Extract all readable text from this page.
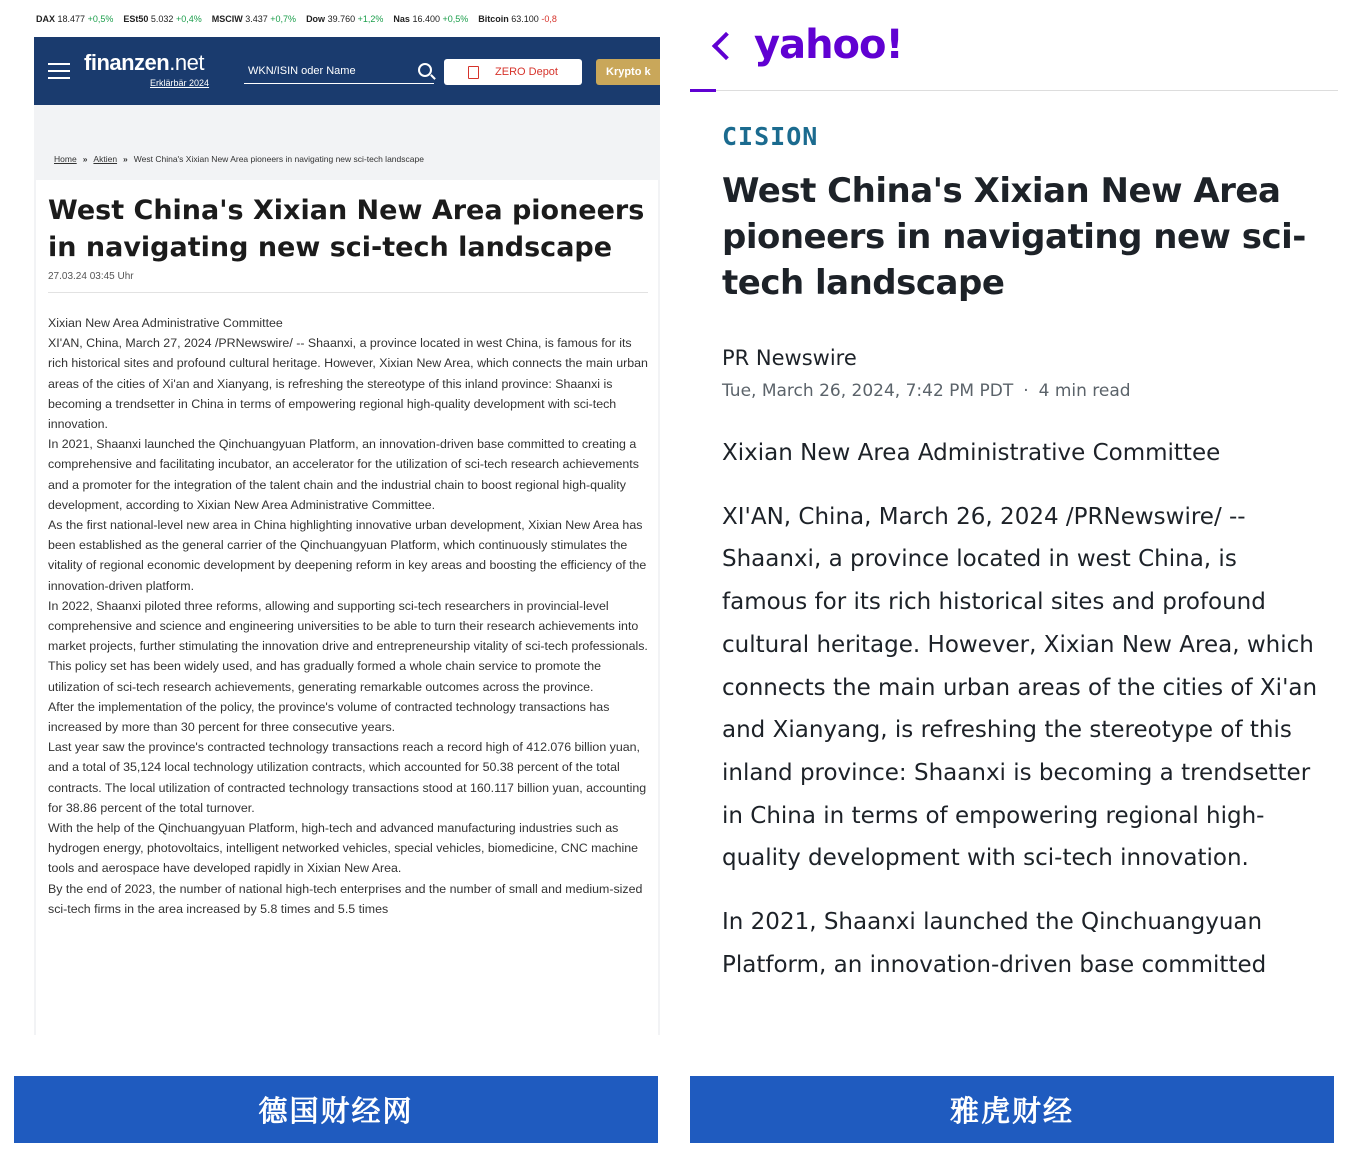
DAX 18.477 +0,5% ESt50 5.032 +0,4% MSCIW 3.437 +0,7% Dow 39.760 +1,2% Nas 16.400 +0,5% Bitcoin 63.100 -0,8
finanzen.net
Erklärbär 2024
WKN/ISIN oder Name	ZERO Depot	Krypto k
Home » Aktien » West China's Xixian New Area pioneers in navigating new sci-tech landscape
West China's Xixian New Area pioneers in navigating new sci-tech landscape
27.03.24 03:45 Uhr

Xixian New Area Administrative Committee

XI'AN, China, March 27, 2024 /PRNewswire/ -- Shaanxi, a province located in west China, is famous for its rich historical sites and profound cultural heritage. However, Xixian New Area, which connects the main urban areas of the cities of Xi'an and Xianyang, is refreshing the stereotype of this inland province: Shaanxi is becoming a trendsetter in China in terms of empowering regional high-quality development with sci-tech innovation.

In 2021, Shaanxi launched the Qinchuangyuan Platform, an innovation-driven base committed to creating a comprehensive and facilitating incubator, an accelerator for the utilization of sci-tech research achievements and a promoter for the integration of the talent chain and the industrial chain to boost regional high-quality development, according to Xixian New Area Administrative Committee.

As the first national-level new area in China highlighting innovative urban development, Xixian New Area has been established as the general carrier of the Qinchuangyuan Platform, which continuously stimulates the vitality of regional economic development by deepening reform in key areas and boosting the efficiency of the innovation-driven platform.

In 2022, Shaanxi piloted three reforms, allowing and supporting sci-tech researchers in provincial-level comprehensive and science and engineering universities to be able to turn their research achievements into market projects, further stimulating the innovation drive and entrepreneurship vitality of sci-tech professionals.

This policy set has been widely used, and has gradually formed a whole chain service to promote the utilization of sci-tech research achievements, generating remarkable outcomes across the province.

After the implementation of the policy, the province's volume of contracted technology transactions has increased by more than 30 percent for three consecutive years.

Last year saw the province's contracted technology transactions reach a record high of 412.076 billion yuan, and a total of 35,124 local technology utilization contracts, which accounted for 50.38 percent of the total contracts. The local utilization of contracted technology transactions stood at 160.117 billion yuan, accounting for 38.86 percent of the total turnover.

With the help of the Qinchuangyuan Platform, high-tech and advanced manufacturing industries such as hydrogen energy, photovoltaics, intelligent networked vehicles, special vehicles, biomedicine, CNC machine tools and aerospace have developed rapidly in Xixian New Area.

By the end of 2023, the number of national high-tech enterprises and the number of small and medium-sized sci-tech firms in the area increased by 5.8 times and 5.5 times

德国财经网
yahoo!
CISION
West China's Xixian New Area pioneers in navigating new sci-tech landscape
PR Newswire
Tue, March 26, 2024, 7:42 PM PDT · 4 min read

Xixian New Area Administrative Committee

XI'AN, China, March 26, 2024 /PRNewswire/ -- Shaanxi, a province located in west China, is famous for its rich historical sites and profound cultural heritage. However, Xixian New Area, which connects the main urban areas of the cities of Xi'an and Xianyang, is refreshing the stereotype of this inland province: Shaanxi is becoming a trendsetter in China in terms of empowering regional high-quality development with sci-tech innovation.

In 2021, Shaanxi launched the Qinchuangyuan Platform, an innovation-driven base committed

雅虎财经
